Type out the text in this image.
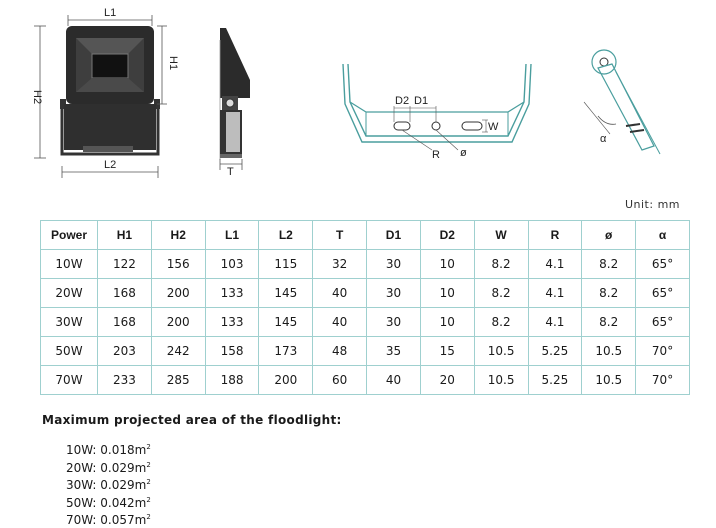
L1
H2
H1
L2
T
D2 D1
W
R ø
α
Unit: mm
Power	H1	H2	L1	L2	T	D1	D2	W	R	ø	α
10W	122	156	103	115	32	30	10	8.2	4.1	8.2	65°
20W	168	200	133	145	40	30	10	8.2	4.1	8.2	65°
30W	168	200	133	145	40	30	10	8.2	4.1	8.2	65°
50W	203	242	158	173	48	35	15	10.5	5.25	10.5	70°
70W	233	285	188	200	60	40	20	10.5	5.25	10.5	70°
Maximum projected area of the floodlight:
10W: $0.018m^2$
20W: $0.029m^2$
30W: $0.029m^2$
50W: $0.042m^2$
70W: $0.057m^2$
